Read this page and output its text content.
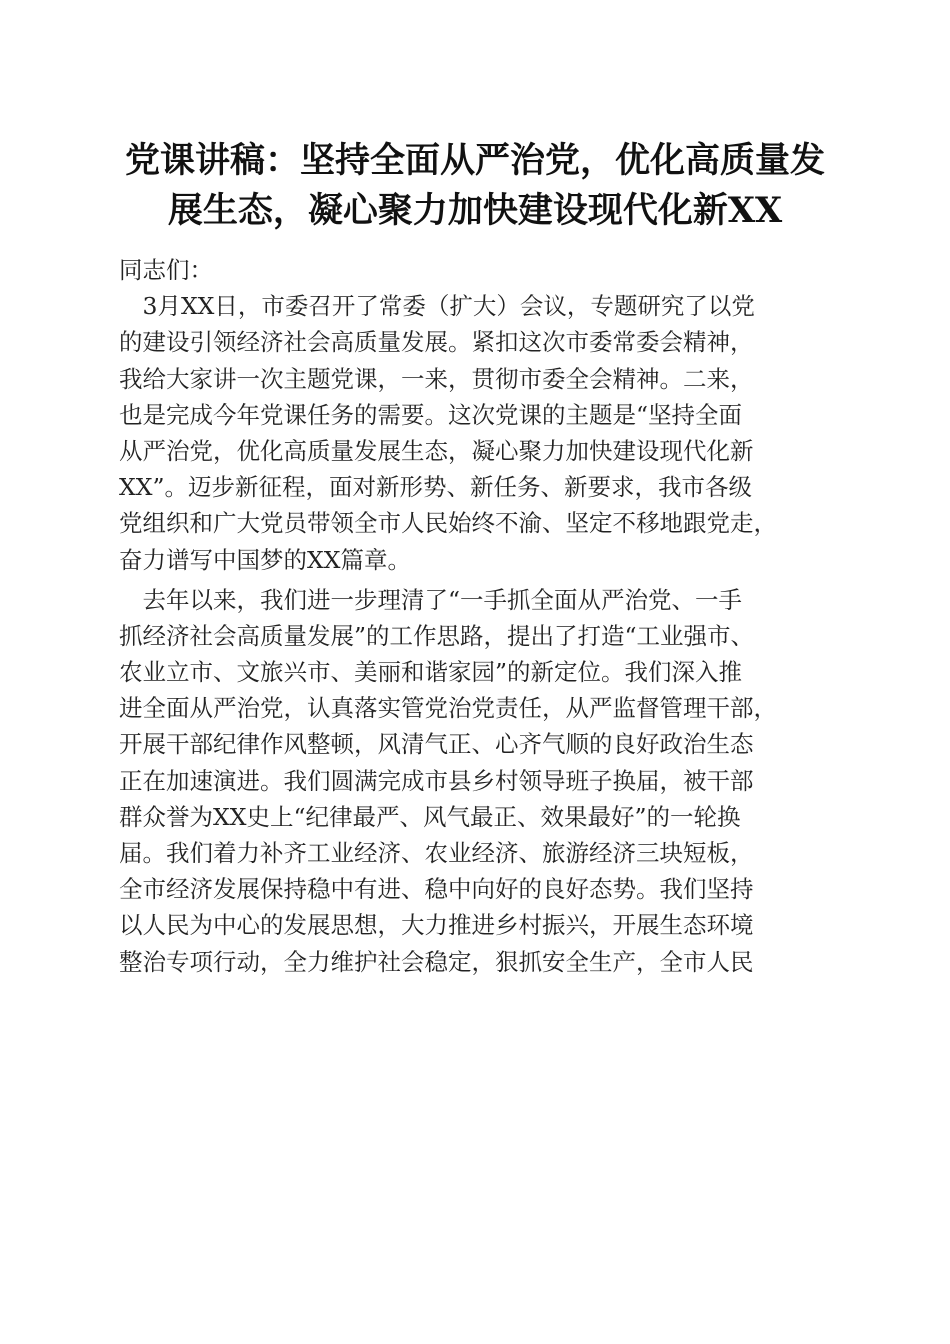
党课讲稿：坚持全面从严治党，优化高质量发
展生态，凝心聚力加快建设现代化新XX
同志们：
　3月XX日，市委召开了常委（扩大）会议，专题研究了以党
的建设引领经济社会高质量发展。紧扣这次市委常委会精神，
我给大家讲一次主题党课，一来，贯彻市委全会精神。二来，
也是完成今年党课任务的需要。这次党课的主题是“坚持全面
从严治党，优化高质量发展生态，凝心聚力加快建设现代化新
XX”。迈步新征程，面对新形势、新任务、新要求，我市各级
党组织和广大党员带领全市人民始终不渝、坚定不移地跟党走，
奋力谱写中国梦的XX篇章。
　去年以来，我们进一步理清了“一手抓全面从严治党、一手
抓经济社会高质量发展”的工作思路，提出了打造“工业强市、
农业立市、文旅兴市、美丽和谐家园”的新定位。我们深入推
进全面从严治党，认真落实管党治党责任，从严监督管理干部，
开展干部纪律作风整顿，风清气正、心齐气顺的良好政治生态
正在加速演进。我们圆满完成市县乡村领导班子换届，被干部
群众誉为XX史上“纪律最严、风气最正、效果最好”的一轮换
届。我们着力补齐工业经济、农业经济、旅游经济三块短板，
全市经济发展保持稳中有进、稳中向好的良好态势。我们坚持
以人民为中心的发展思想，大力推进乡村振兴，开展生态环境
整治专项行动，全力维护社会稳定，狠抓安全生产，全市人民
